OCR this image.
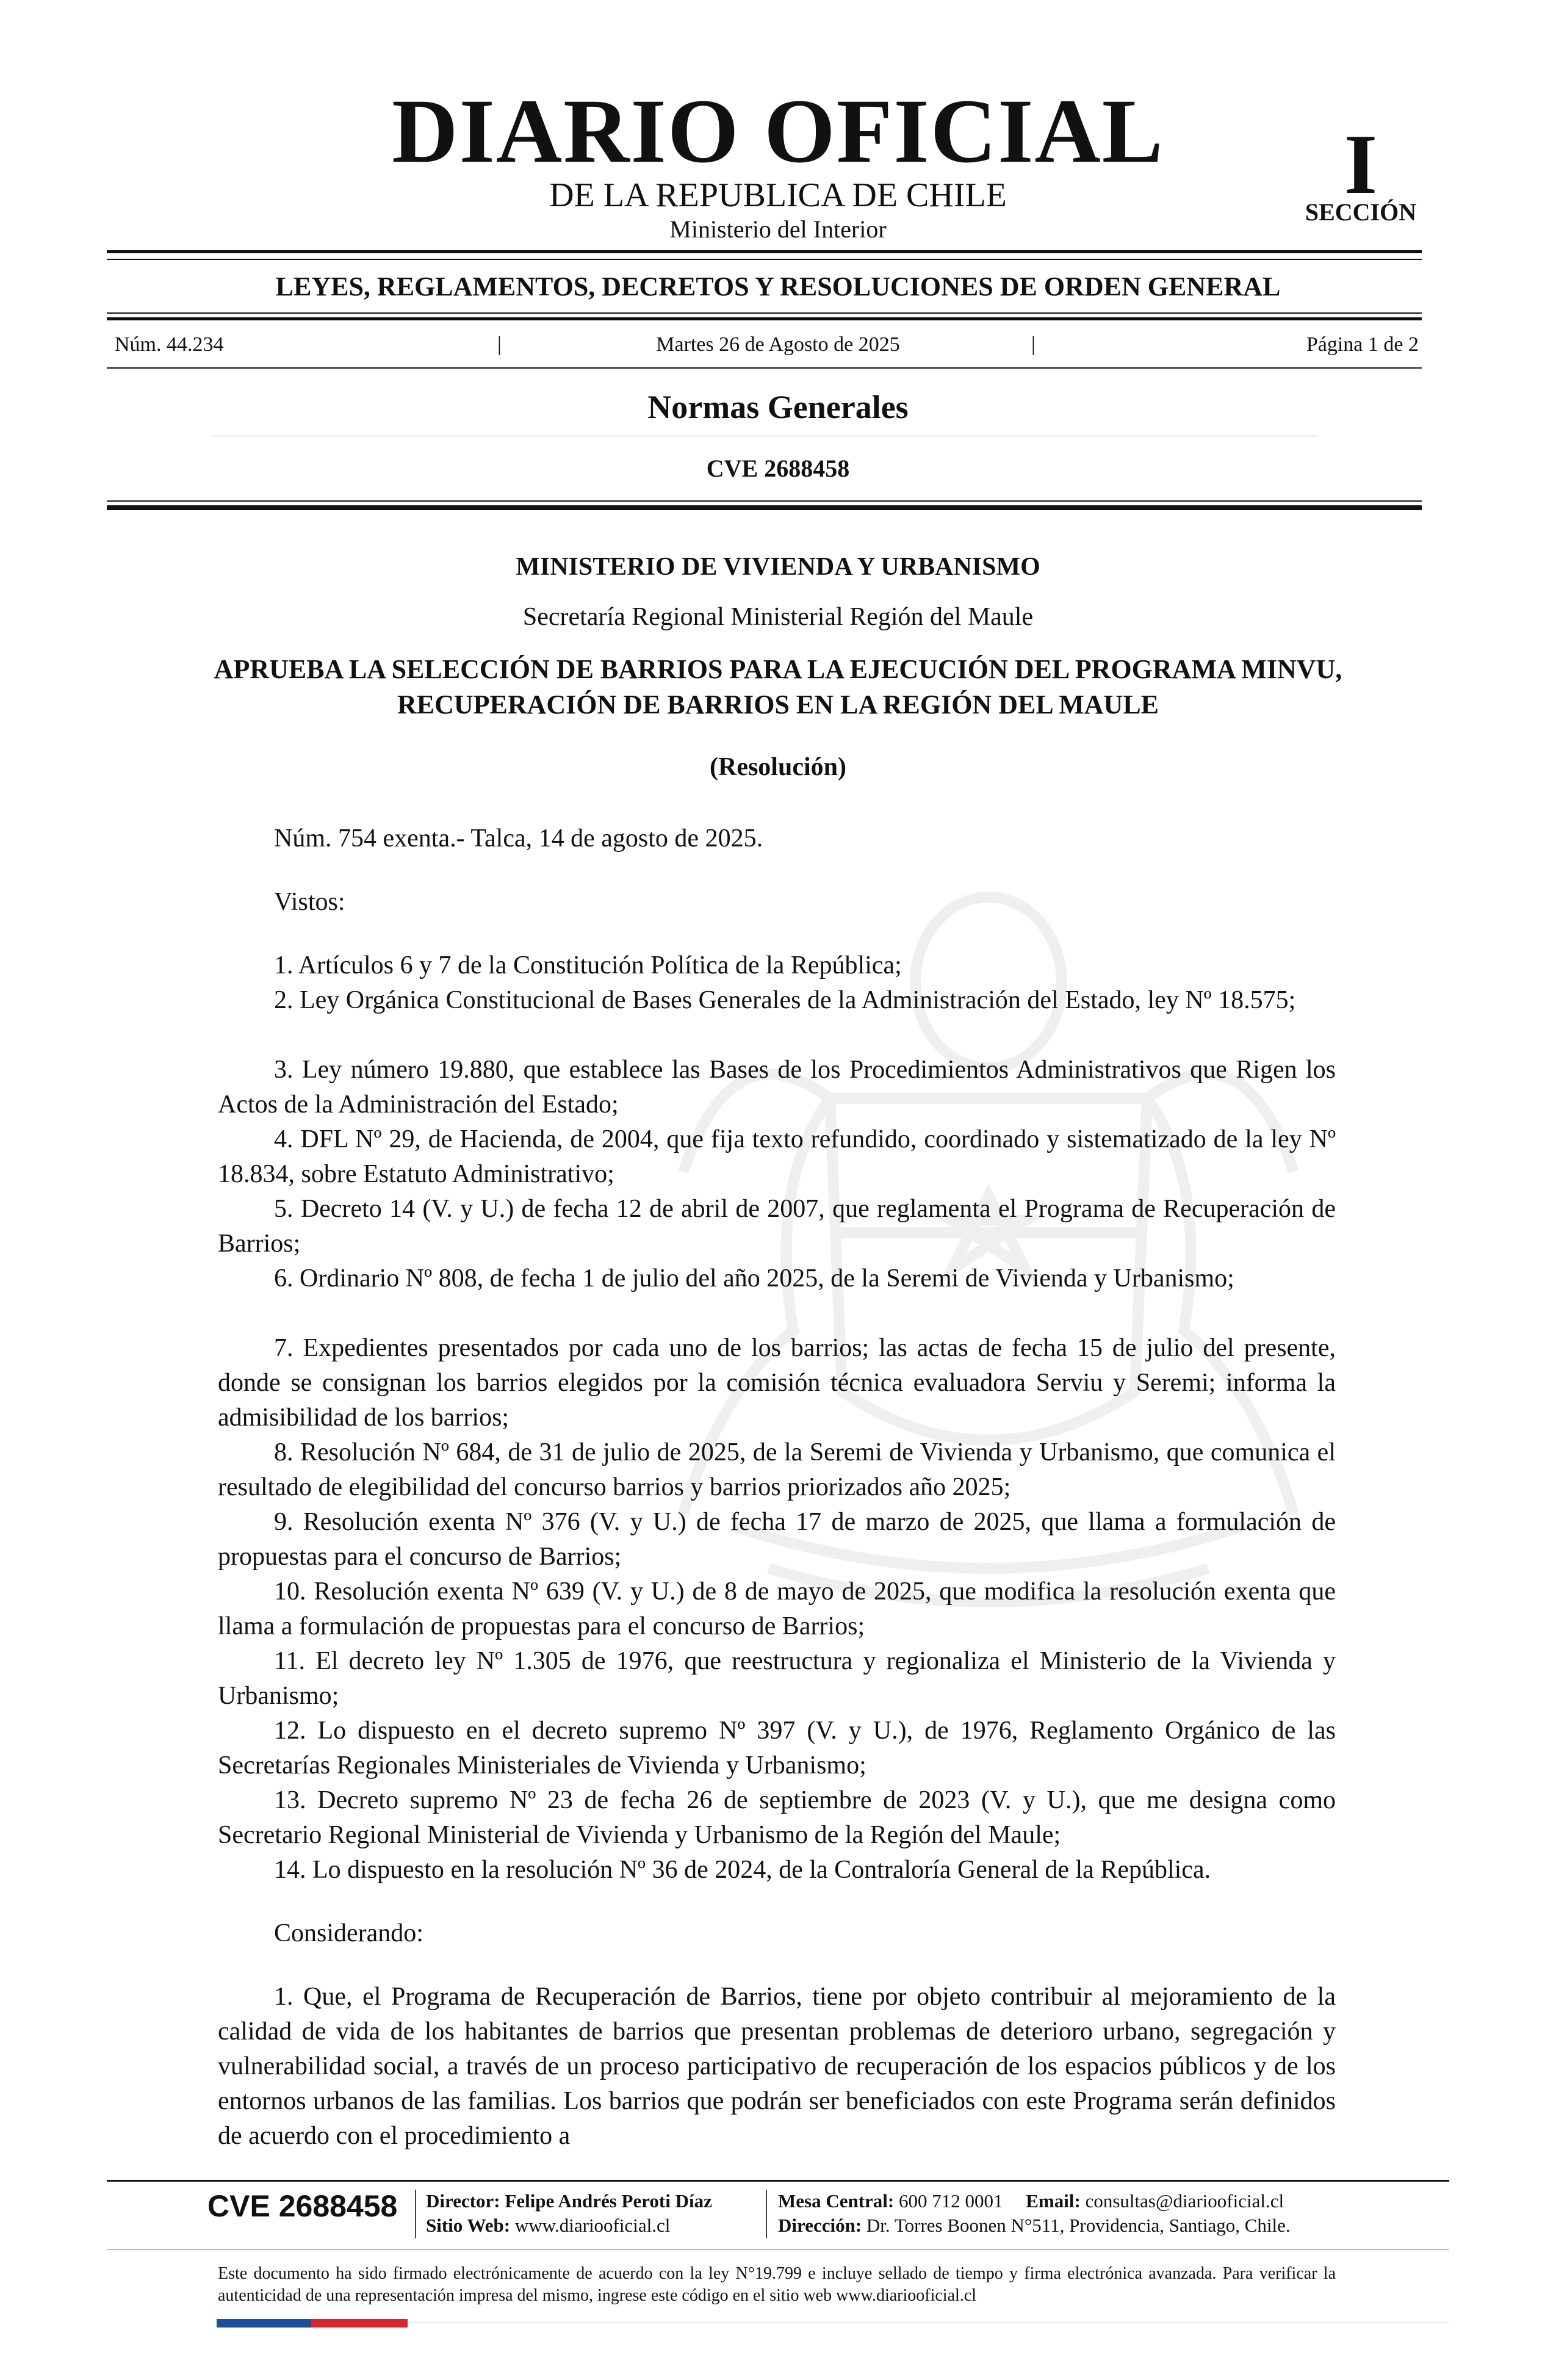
DIARIO OFICIAL
DE LA REPUBLICA DE CHILE
Ministerio del Interior
I
SECCIÓN
LEYES, REGLAMENTOS, DECRETOS Y RESOLUCIONES DE ORDEN GENERAL
Núm. 44.234	|	Martes 26 de Agosto de 2025	|	Página 1 de 2
Normas Generales
CVE 2688458
MINISTERIO DE VIVIENDA Y URBANISMO
Secretaría Regional Ministerial Región del Maule
APRUEBA LA SELECCIÓN DE BARRIOS PARA LA EJECUCIÓN DEL PROGRAMA MINVU, RECUPERACIÓN DE BARRIOS EN LA REGIÓN DEL MAULE
(Resolución)
Núm. 754 exenta.- Talca, 14 de agosto de 2025.
Vistos:
1. Artículos 6 y 7 de la Constitución Política de la República;
2. Ley Orgánica Constitucional de Bases Generales de la Administración del Estado, ley Nº 18.575;
3. Ley número 19.880, que establece las Bases de los Procedimientos Administrativos que Rigen los Actos de la Administración del Estado;
4. DFL Nº 29, de Hacienda, de 2004, que fija texto refundido, coordinado y sistematizado de la ley Nº 18.834, sobre Estatuto Administrativo;
5. Decreto 14 (V. y U.) de fecha 12 de abril de 2007, que reglamenta el Programa de Recuperación de Barrios;
6. Ordinario Nº 808, de fecha 1 de julio del año 2025, de la Seremi de Vivienda y Urbanismo;
7. Expedientes presentados por cada uno de los barrios; las actas de fecha 15 de julio del presente, donde se consignan los barrios elegidos por la comisión técnica evaluadora Serviu y Seremi; informa la admisibilidad de los barrios;
8. Resolución Nº 684, de 31 de julio de 2025, de la Seremi de Vivienda y Urbanismo, que comunica el resultado de elegibilidad del concurso barrios y barrios priorizados año 2025;
9. Resolución exenta Nº 376 (V. y U.) de fecha 17 de marzo de 2025, que llama a formulación de propuestas para el concurso de Barrios;
10. Resolución exenta Nº 639 (V. y U.) de 8 de mayo de 2025, que modifica la resolución exenta que llama a formulación de propuestas para el concurso de Barrios;
11. El decreto ley Nº 1.305 de 1976, que reestructura y regionaliza el Ministerio de la Vivienda y Urbanismo;
12. Lo dispuesto en el decreto supremo Nº 397 (V. y U.), de 1976, Reglamento Orgánico de las Secretarías Regionales Ministeriales de Vivienda y Urbanismo;
13. Decreto supremo Nº 23 de fecha 26 de septiembre de 2023 (V. y U.), que me designa como Secretario Regional Ministerial de Vivienda y Urbanismo de la Región del Maule;
14. Lo dispuesto en la resolución Nº 36 de 2024, de la Contraloría General de la República.
Considerando:
1. Que, el Programa de Recuperación de Barrios, tiene por objeto contribuir al mejoramiento de la calidad de vida de los habitantes de barrios que presentan problemas de deterioro urbano, segregación y vulnerabilidad social, a través de un proceso participativo de recuperación de los espacios públicos y de los entornos urbanos de las familias. Los barrios que podrán ser beneficiados con este Programa serán definidos de acuerdo con el procedimiento a
CVE 2688458 Director: Felipe Andrés Peroti Díaz
Sitio Web: www.diariooficial.cl
Mesa Central: 600 712 0001 Email: consultas@diariooficial.cl
Dirección: Dr. Torres Boonen N°511, Providencia, Santiago, Chile.
Este documento ha sido firmado electrónicamente de acuerdo con la ley N°19.799 e incluye sellado de tiempo y firma electrónica avanzada. Para verificar la autenticidad de una representación impresa del mismo, ingrese este código en el sitio web www.diariooficial.cl
